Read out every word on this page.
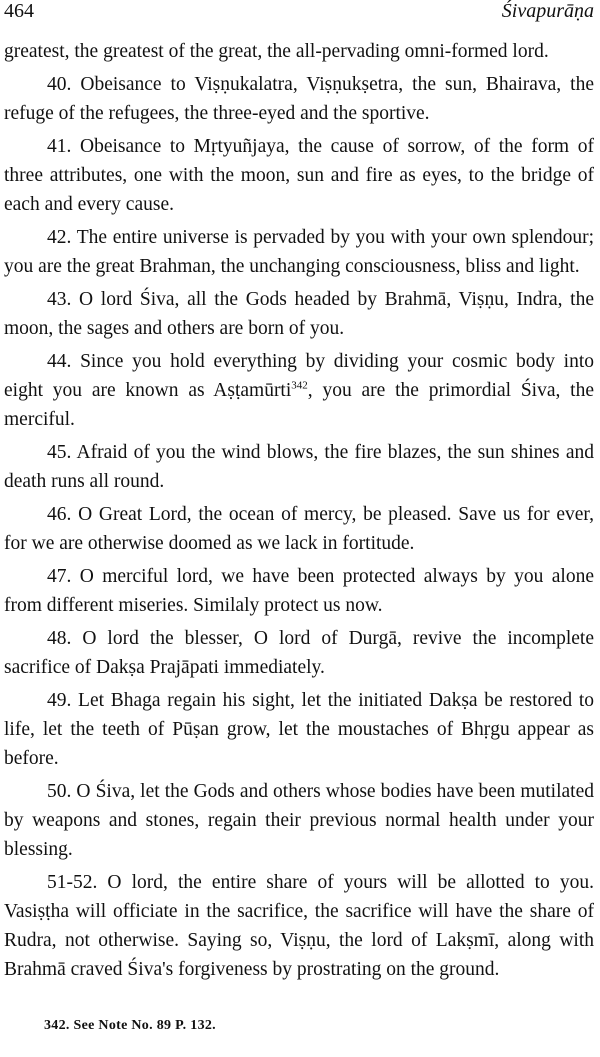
464	Śivapurāṇa

greatest, the greatest of the great, the all-pervading omni-formed lord.

40. Obeisance to Viṣṇukalatra, Viṣṇukṣetra, the sun, Bhairava, the refuge of the refugees, the three-eyed and the sportive.

41. Obeisance to Mṛtyuñjaya, the cause of sorrow, of the form of three attributes, one with the moon, sun and fire as eyes, to the bridge of each and every cause.

42. The entire universe is pervaded by you with your own splendour; you are the great Brahman, the unchanging consciousness, bliss and light.

43. O lord Śiva, all the Gods headed by Brahmā, Viṣṇu, Indra, the moon, the sages and others are born of you.

44. Since you hold everything by dividing your cosmic body into eight you are known as Aṣṭamūrti$^{342}$, you are the primordial Śiva, the merciful.

45. Afraid of you the wind blows, the fire blazes, the sun shines and death runs all round.

46. O Great Lord, the ocean of mercy, be pleased. Save us for ever, for we are otherwise doomed as we lack in fortitude.

47. O merciful lord, we have been protected always by you alone from different miseries. Similaly protect us now.

48. O lord the blesser, O lord of Durgā, revive the incomplete sacrifice of Dakṣa Prajāpati immediately.

49. Let Bhaga regain his sight, let the initiated Dakṣa be restored to life, let the teeth of Pūṣan grow, let the moustaches of Bhṛgu appear as before.

50. O Śiva, let the Gods and others whose bodies have been mutilated by weapons and stones, regain their previous normal health under your blessing.

51-52. O lord, the entire share of yours will be allotted to you. Vasiṣṭha will officiate in the sacrifice, the sacrifice will have the share of Rudra, not otherwise. Saying so, Viṣṇu, the lord of Lakṣmī, along with Brahmā craved Śiva's forgiveness by prostrating on the ground.

342. See Note No. 89 P. 132.
